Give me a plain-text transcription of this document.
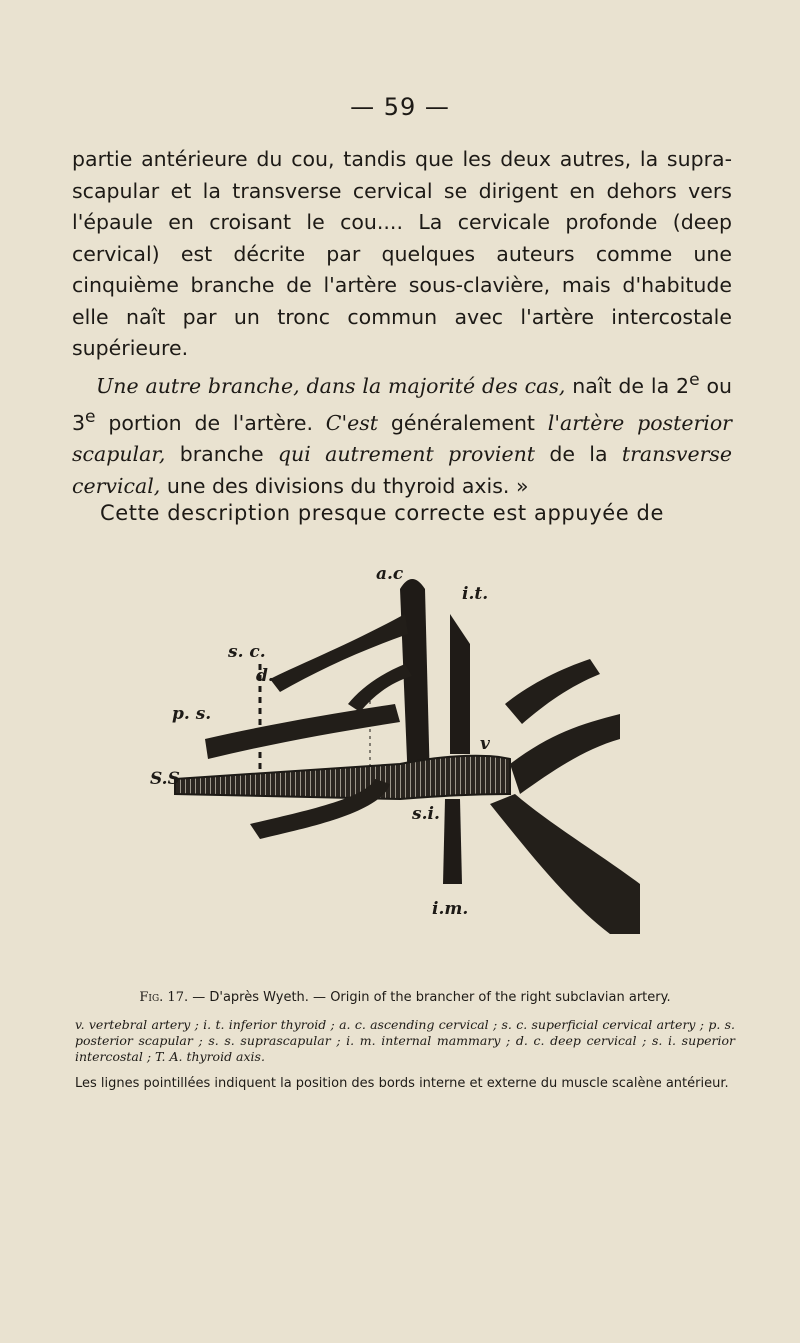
— 59 —

partie antérieure du cou, tandis que les deux autres, la supra-scapular et la transverse cervical se dirigent en dehors vers l'épaule en croisant le cou.... La cervicale profonde (deep cervical) est décrite par quelques auteurs comme une cinquième branche de l'artère sous-clavière, mais d'habitude elle naît par un tronc commun avec l'artère intercostale supérieure.

Une autre branche, dans la majorité des cas, naît de la 2e ou 3e portion de l'artère. C'est généralement l'artère posterior scapular, branche qui autrement provient de la transverse cervical, une des divisions du thyroid axis. »

Cette description presque correcte est appuyée de
a.c
i.t.
s. c.
d.
p. s.
v
S.S
s.i.
i.m.
Fig. 17. — D'après Wyeth. — Origin of the brancher of the right subclavian artery.
v. vertebral artery ; i. t. inferior thyroid ; a. c. ascending cervical ; s. c. superficial cervical artery ; p. s. posterior scapular ; s. s. suprascapular ; i. m. internal mammary ; d. c. deep cervical ; s. i. superior intercostal ; T. A. thyroid axis.
Les lignes pointillées indiquent la position des bords interne et externe du muscle scalène antérieur.
